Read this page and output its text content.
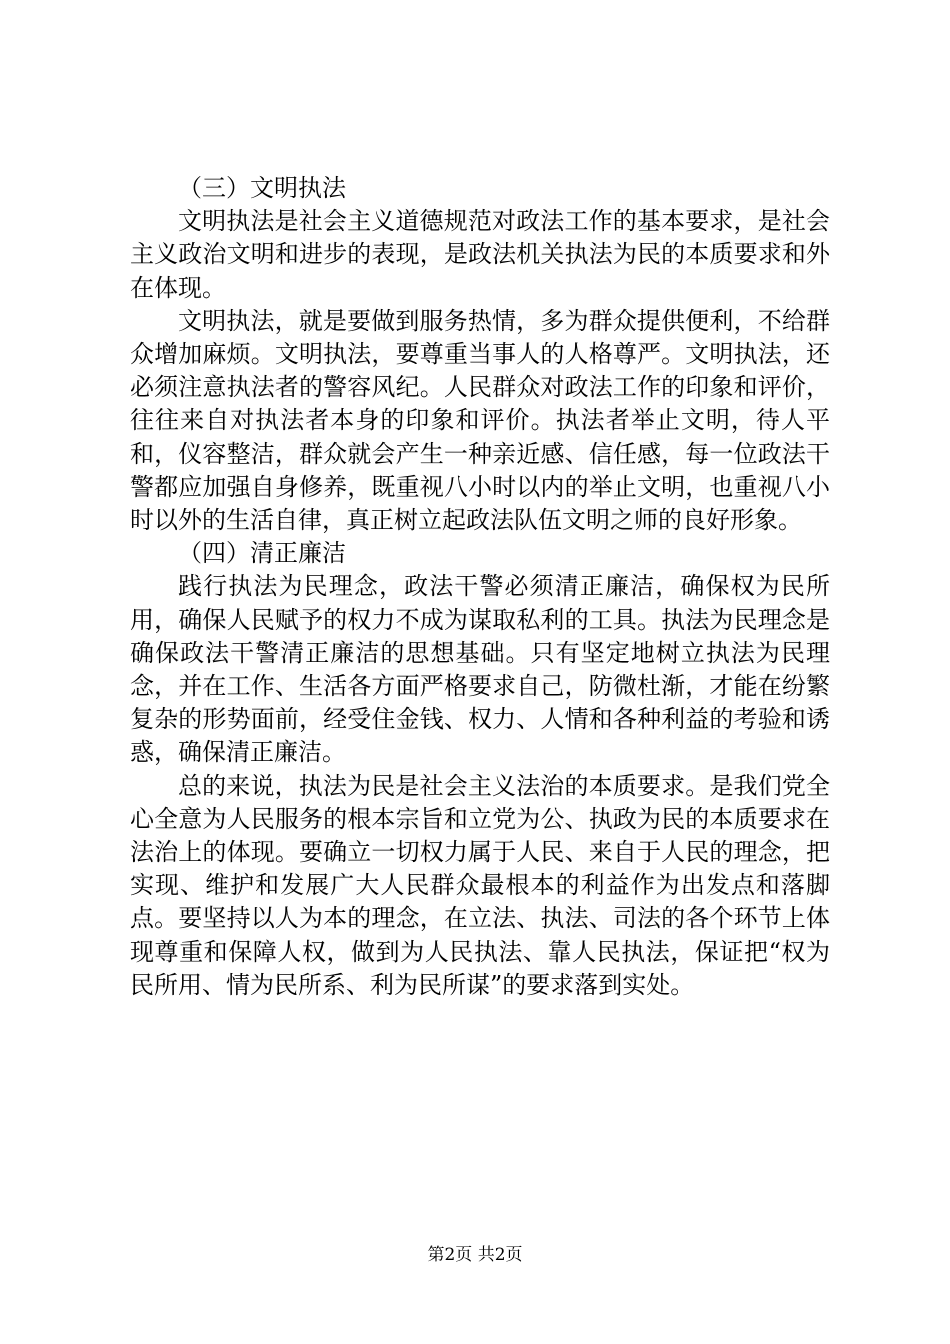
（三）文明执法

文明执法是社会主义道德规范对政法工作的基本要求，是社会主义政治文明和进步的表现，是政法机关执法为民的本质要求和外在体现。

文明执法，就是要做到服务热情，多为群众提供便利，不给群众增加麻烦。文明执法，要尊重当事人的人格尊严。文明执法，还必须注意执法者的警容风纪。人民群众对政法工作的印象和评价，往往来自对执法者本身的印象和评价。执法者举止文明，待人平和，仪容整洁，群众就会产生一种亲近感、信任感，每一位政法干警都应加强自身修养，既重视八小时以内的举止文明，也重视八小时以外的生活自律，真正树立起政法队伍文明之师的良好形象。

（四）清正廉洁

践行执法为民理念，政法干警必须清正廉洁，确保权为民所用，确保人民赋予的权力不成为谋取私利的工具。执法为民理念是确保政法干警清正廉洁的思想基础。只有坚定地树立执法为民理念，并在工作、生活各方面严格要求自己，防微杜渐，才能在纷繁复杂的形势面前，经受住金钱、权力、人情和各种利益的考验和诱惑，确保清正廉洁。

总的来说，执法为民是社会主义法治的本质要求。是我们党全心全意为人民服务的根本宗旨和立党为公、执政为民的本质要求在法治上的体现。要确立一切权力属于人民、来自于人民的理念，把实现、维护和发展广大人民群众最根本的利益作为出发点和落脚点。要坚持以人为本的理念，在立法、执法、司法的各个环节上体现尊重和保障人权，做到为人民执法、靠人民执法，保证把“权为民所用、情为民所系、利为民所谋”的要求落到实处。

第2页 共2页
